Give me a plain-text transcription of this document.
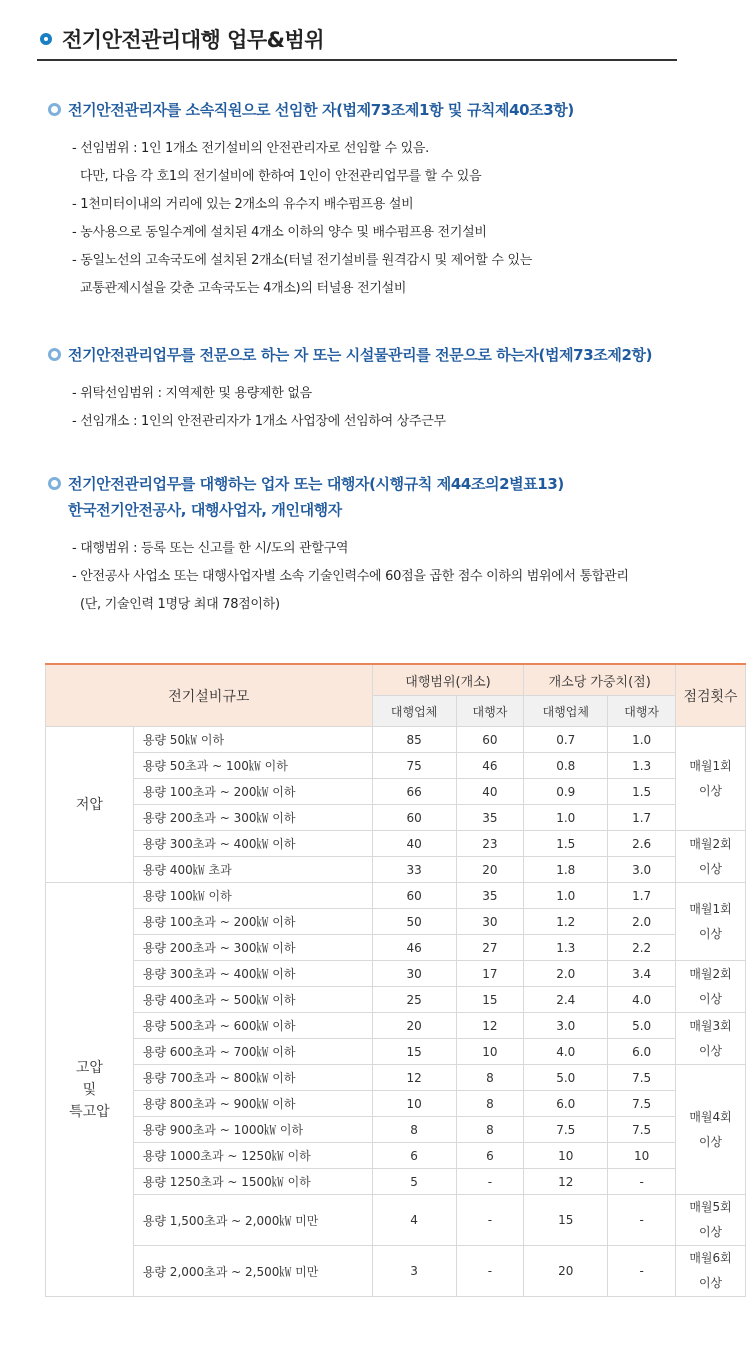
전기안전관리대행 업무&범위
전기안전관리자를 소속직원으로 선임한 자(법제73조제1항 및 규칙제40조3항)
- 선임범위 : 1인 1개소 전기설비의 안전관리자로 선임할 수 있음.
다만, 다음 각 호1의 전기설비에 한하여 1인이 안전관리업무를 할 수 있음
- 1천미터이내의 거리에 있는 2개소의 유수지 배수펌프용 설비
- 농사용으로 동일수계에 설치된 4개소 이하의 양수 및 배수펌프용 전기설비
- 동일노선의 고속국도에 설치된 2개소(터널 전기설비를 원격감시 및 제어할 수 있는
교통관제시설을 갖춘 고속국도는 4개소)의 터널용 전기설비
전기안전관리업무를 전문으로 하는 자 또는 시설물관리를 전문으로 하는자(법제73조제2항)
- 위탁선임범위 : 지역제한 및 용량제한 없음
- 선임개소 : 1인의 안전관리자가 1개소 사업장에 선임하여 상주근무
전기안전관리업무를 대행하는 업자 또는 대행자(시행규칙 제44조의2별표13)
한국전기안전공사, 대행사업자, 개인대행자
- 대행범위 : 등록 또는 신고를 한 시/도의 관할구역
- 안전공사 사업소 또는 대행사업자별 소속 기술인력수에 60점을 곱한 점수 이하의 범위에서 통합관리
(단, 기술인력 1명당 최대 78점이하)
전기설비규모		대행범위(개소)		개소당 가중치(점)		점검횟수
		대행업체	대행자	대행업체	대행자	
저압	용량 50㎾ 이하	85	60	0.7	1.0	매월1회
이상
	용량 50초과 ~ 100㎾ 이하	75	46	0.8	1.3	
	용량 100초과 ~ 200㎾ 이하	66	40	0.9	1.5	
	용량 200초과 ~ 300㎾ 이하	60	35	1.0	1.7	
	용량 300초과 ~ 400㎾ 이하	40	23	1.5	2.6	매월2회
이상
	용량 400㎾ 초과	33	20	1.8	3.0	
고압
및
특고압	용량 100㎾ 이하	60	35	1.0	1.7	매월1회
이상
	용량 100초과 ~ 200㎾ 이하	50	30	1.2	2.0	
	용량 200초과 ~ 300㎾ 이하	46	27	1.3	2.2	
	용량 300초과 ~ 400㎾ 이하	30	17	2.0	3.4	매월2회
이상
	용량 400초과 ~ 500㎾ 이하	25	15	2.4	4.0	
	용량 500초과 ~ 600㎾ 이하	20	12	3.0	5.0	매월3회
이상
	용량 600초과 ~ 700㎾ 이하	15	10	4.0	6.0	
	용량 700초과 ~ 800㎾ 이하	12	8	5.0	7.5	매월4회
이상
	용량 800초과 ~ 900㎾ 이하	10	8	6.0	7.5	
	용량 900초과 ~ 1000㎾ 이하	8	8	7.5	7.5	
	용량 1000초과 ~ 1250㎾ 이하	6	6	10	10	
	용량 1250초과 ~ 1500㎾ 이하	5	-	12	-	
	용량 1,500초과 ~ 2,000㎾ 미만	4	-	15	-	매월5회
이상
	용량 2,000초과 ~ 2,500㎾ 미만	3	-	20	-	매월6회
이상
